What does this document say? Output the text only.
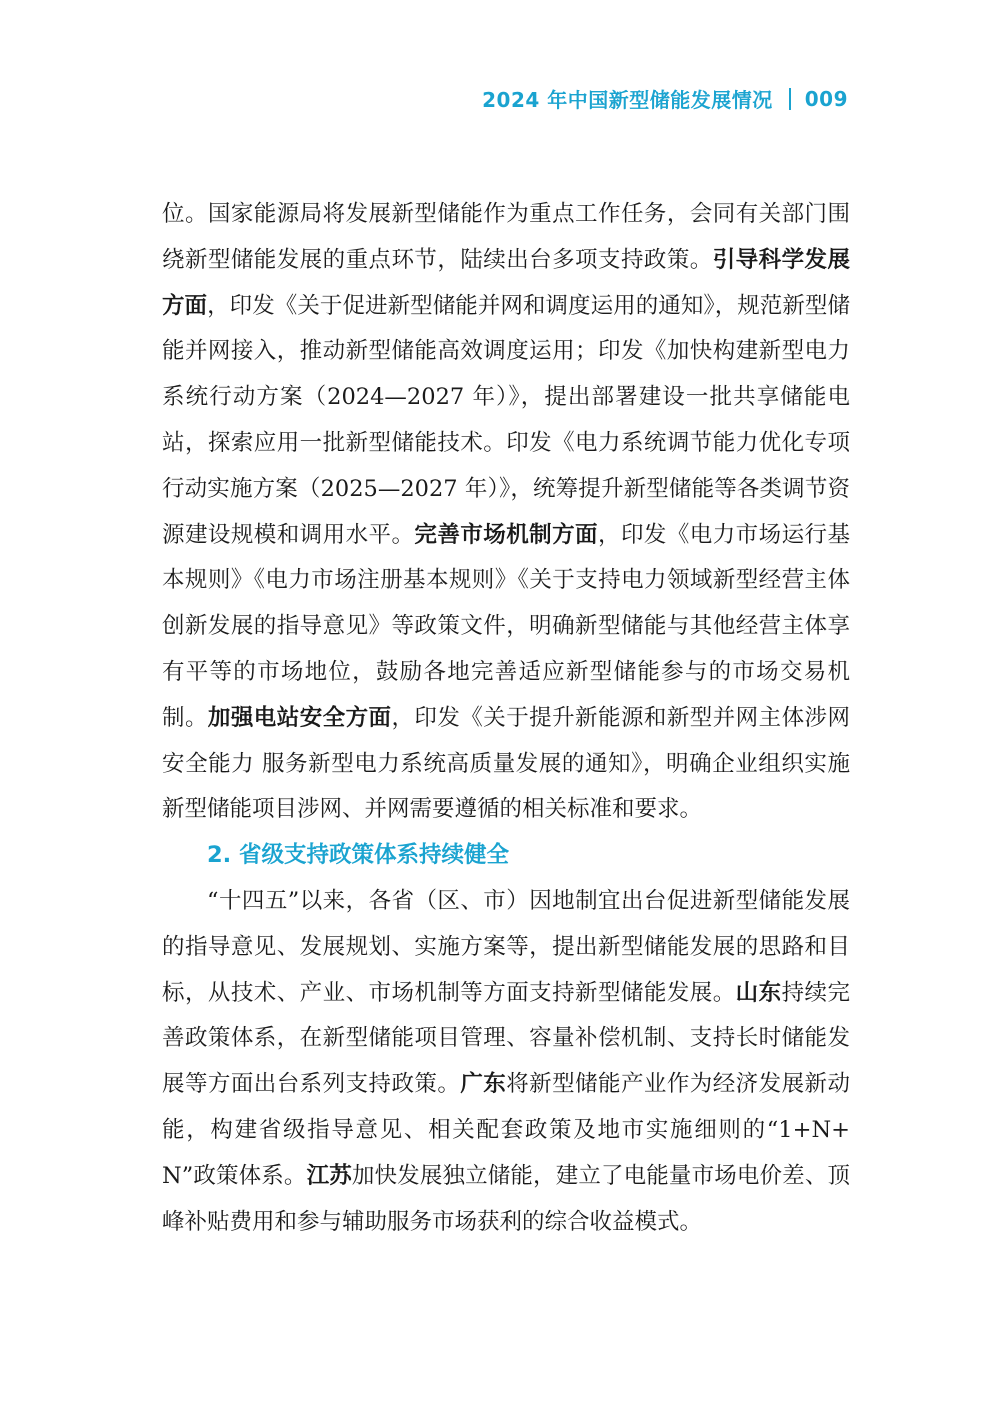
2024 年中国新型储能发展情况 009

位。国家能源局将发展新型储能作为重点工作任务，会同有关部门围绕新型储能发展的重点环节，陆续出台多项支持政策。引导科学发展方面，印发《关于促进新型储能并网和调度运用的通知》，规范新型储能并网接入，推动新型储能高效调度运用；印发《加快构建新型电力系统行动方案（2024—2027 年）》，提出部署建设一批共享储能电站，探索应用一批新型储能技术。印发《电力系统调节能力优化专项行动实施方案（2025—2027 年）》，统筹提升新型储能等各类调节资源建设规模和调用水平。完善市场机制方面，印发《电力市场运行基本规则》《电力市场注册基本规则》《关于支持电力领域新型经营主体创新发展的指导意见》等政策文件，明确新型储能与其他经营主体享有平等的市场地位，鼓励各地完善适应新型储能参与的市场交易机制。加强电站安全方面，印发《关于提升新能源和新型并网主体涉网安全能力 服务新型电力系统高质量发展的通知》，明确企业组织实施新型储能项目涉网、并网需要遵循的相关标准和要求。

2. 省级支持政策体系持续健全

“十四五”以来，各省（区、市）因地制宜出台促进新型储能发展的指导意见、发展规划、实施方案等，提出新型储能发展的思路和目标，从技术、产业、市场机制等方面支持新型储能发展。山东持续完善政策体系，在新型储能项目管理、容量补偿机制、支持长时储能发展等方面出台系列支持政策。广东将新型储能产业作为经济发展新动能，构建省级指导意见、相关配套政策及地市实施细则的“1+N+N”政策体系。江苏加快发展独立储能，建立了电能量市场电价差、顶峰补贴费用和参与辅助服务市场获利的综合收益模式。
